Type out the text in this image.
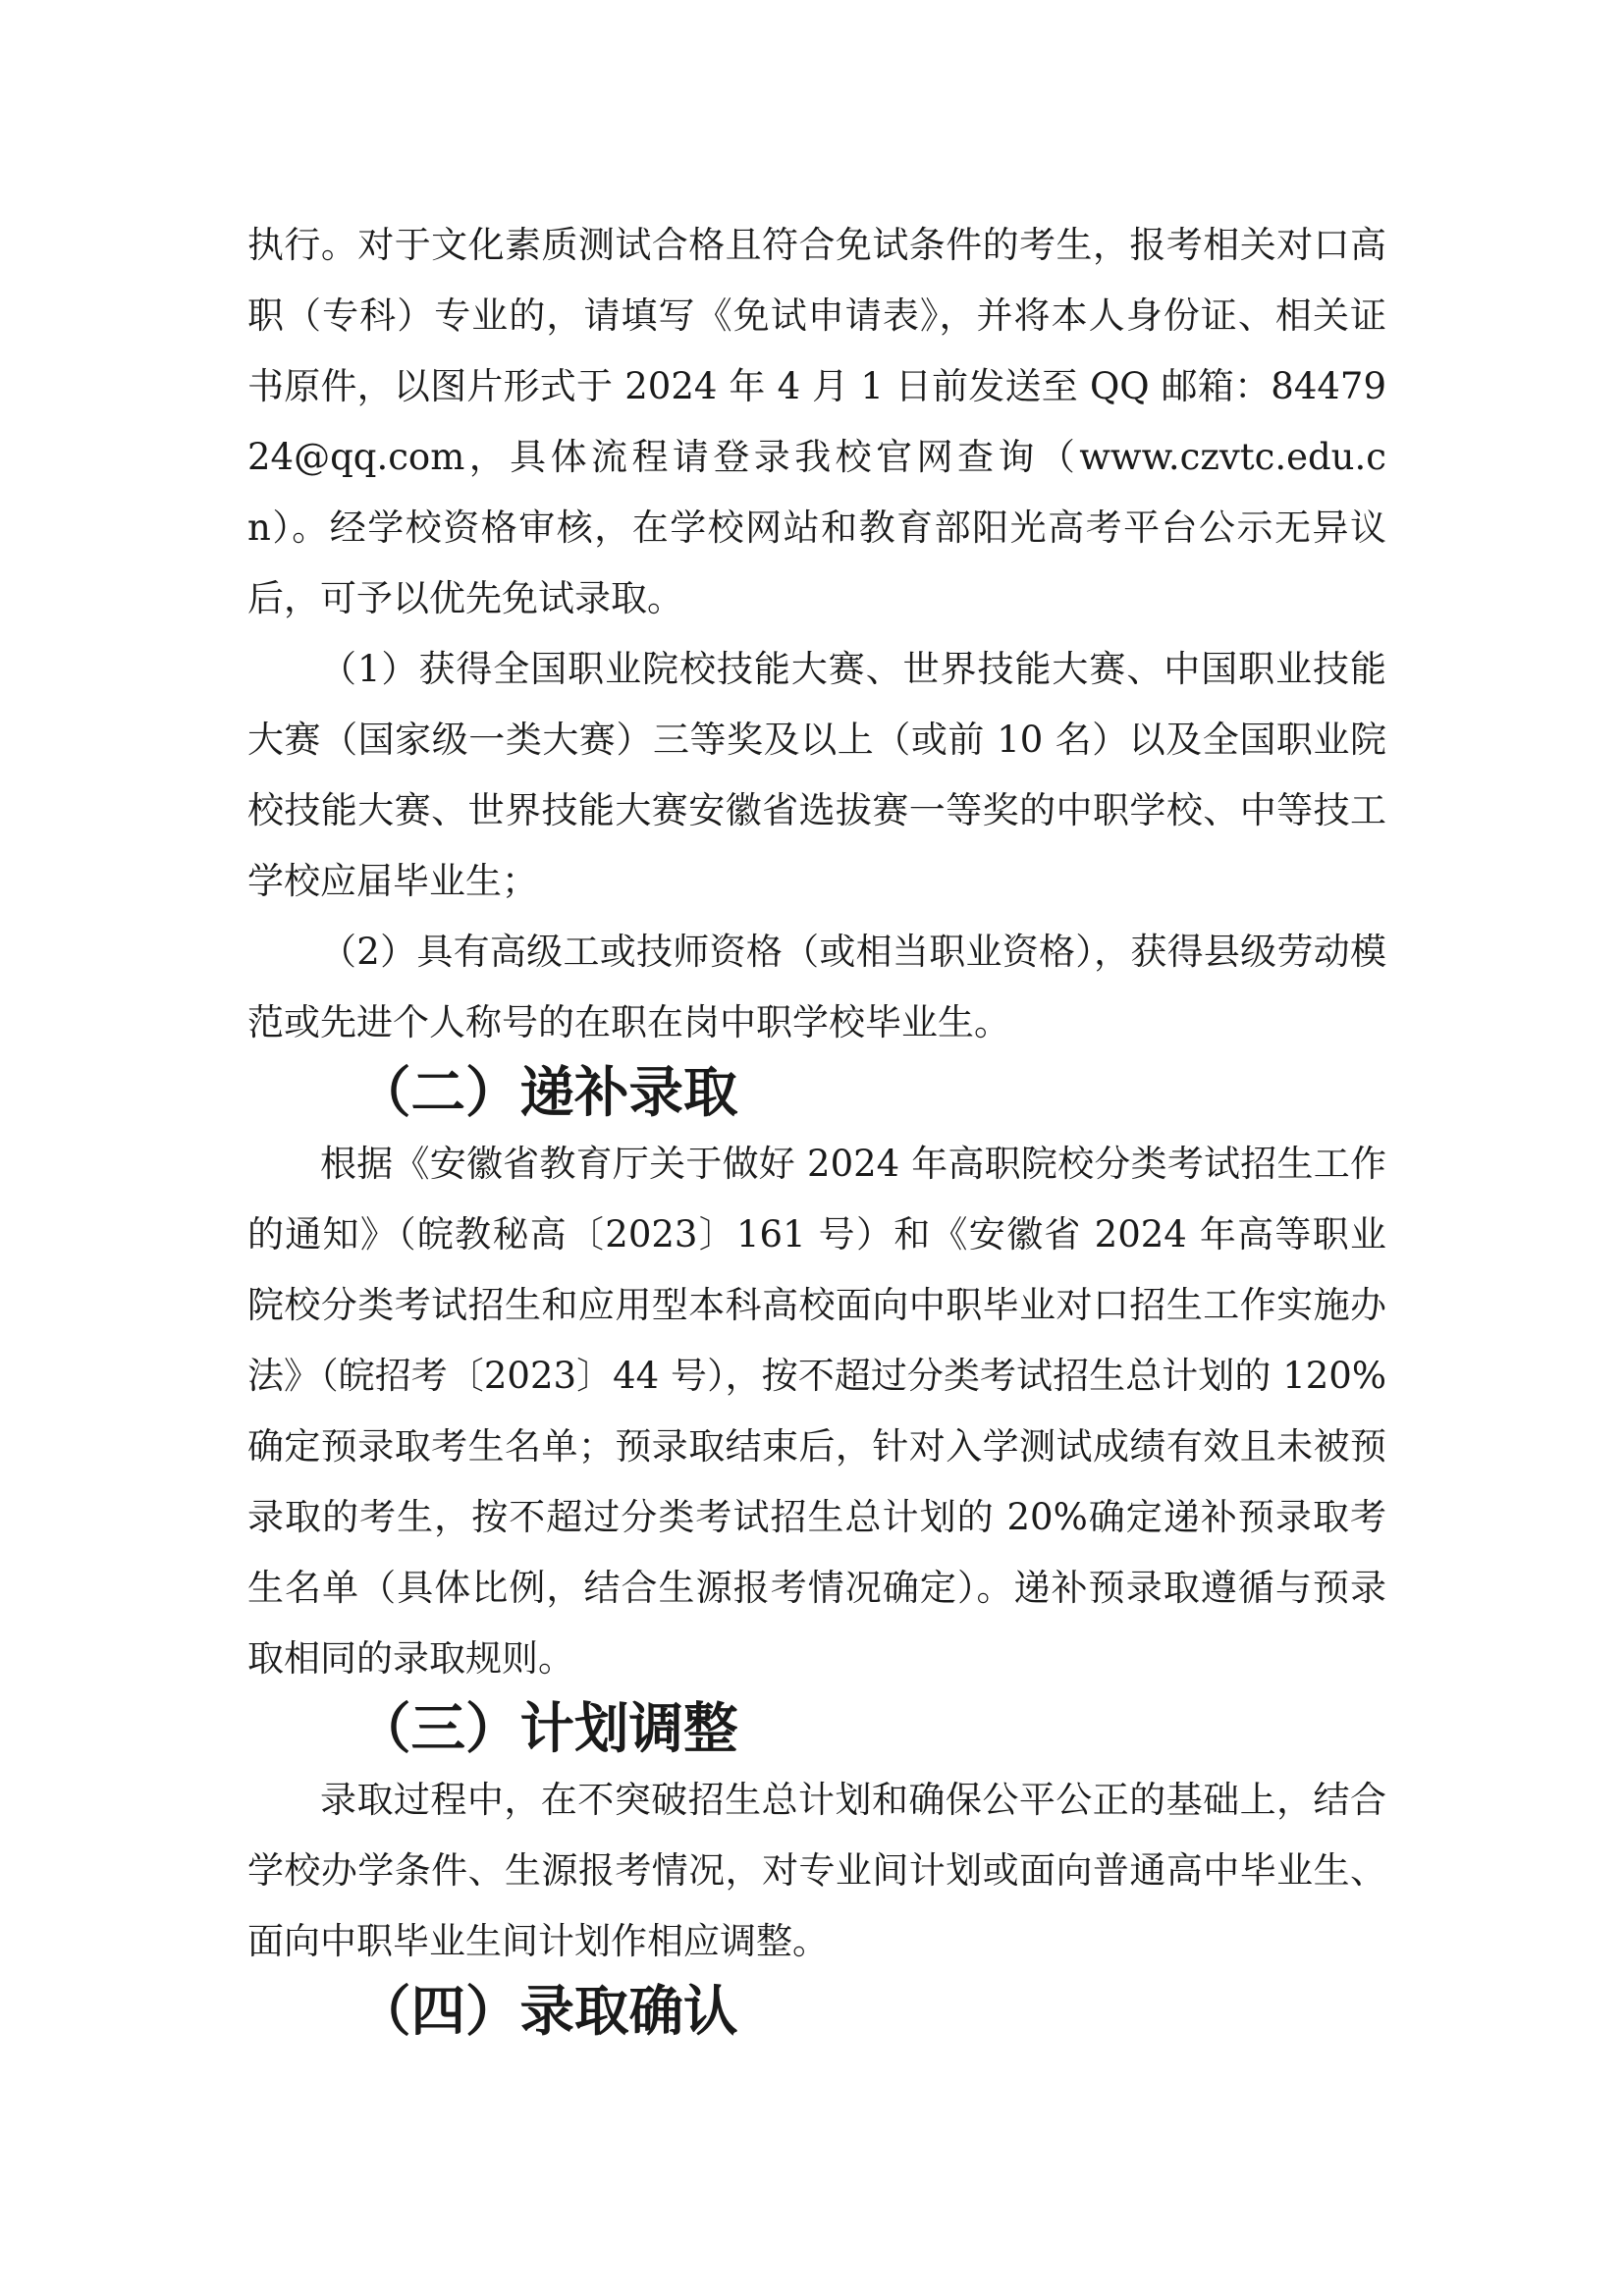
执行。对于文化素质测试合格且符合免试条件的考生，报考相关对口高职（专科）专业的，请填写《免试申请表》，并将本人身份证、相关证书原件，以图片形式于 2024 年 4 月 1 日前发送至 QQ 邮箱：8447924@qq.com，具体流程请登录我校官网查询（www.czvtc.edu.cn）。经学校资格审核，在学校网站和教育部阳光高考平台公示无异议后，可予以优先免试录取。

（1）获得全国职业院校技能大赛、世界技能大赛、中国职业技能大赛（国家级一类大赛）三等奖及以上（或前 10 名）以及全国职业院校技能大赛、世界技能大赛安徽省选拔赛一等奖的中职学校、中等技工学校应届毕业生；

（2）具有高级工或技师资格（或相当职业资格），获得县级劳动模范或先进个人称号的在职在岗中职学校毕业生。

（二）递补录取

根据《安徽省教育厅关于做好 2024 年高职院校分类考试招生工作的通知》（皖教秘高〔2023〕161 号）和《安徽省 2024 年高等职业院校分类考试招生和应用型本科高校面向中职毕业对口招生工作实施办法》（皖招考〔2023〕44 号），按不超过分类考试招生总计划的 120%确定预录取考生名单；预录取结束后，针对入学测试成绩有效且未被预录取的考生，按不超过分类考试招生总计划的 20%确定递补预录取考生名单（具体比例，结合生源报考情况确定）。递补预录取遵循与预录取相同的录取规则。

（三）计划调整

录取过程中，在不突破招生总计划和确保公平公正的基础上，结合学校办学条件、生源报考情况，对专业间计划或面向普通高中毕业生、面向中职毕业生间计划作相应调整。

（四）录取确认
